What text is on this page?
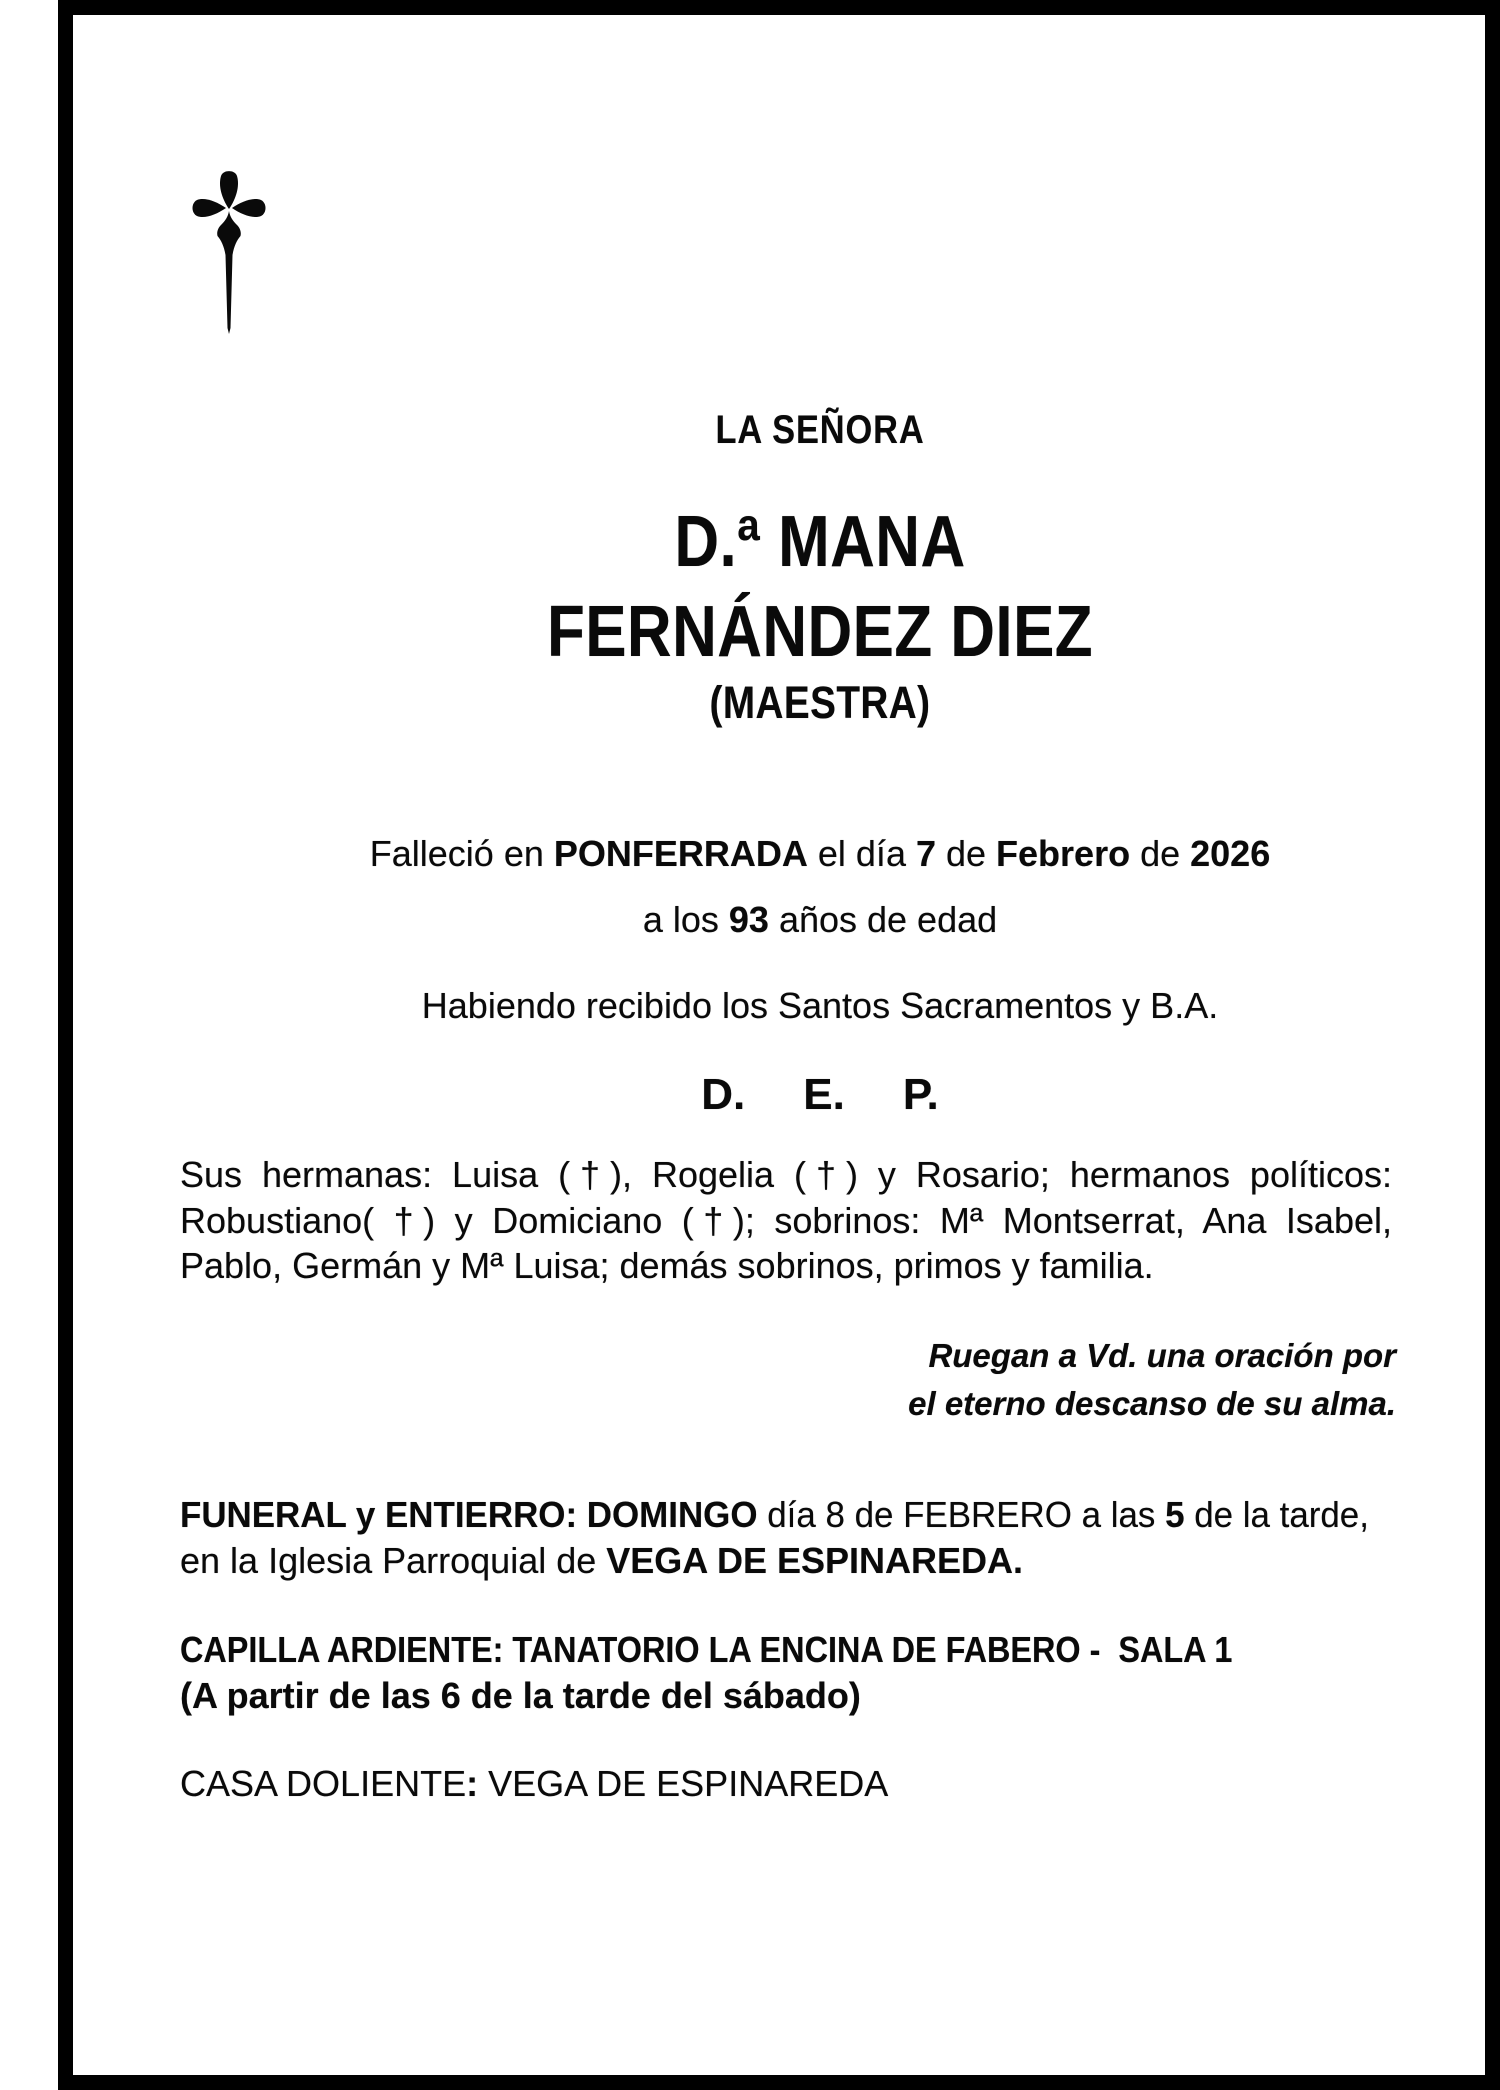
LA SEÑORA
D.ª MANA
FERNÁNDEZ DIEZ
(MAESTRA)
Falleció en PONFERRADA el día 7 de Febrero de 2026
a los 93 años de edad
Habiendo recibido los Santos Sacramentos y B.A.
D. E. P.
Sus hermanas: Luisa (†), Rogelia (†) y Rosario; hermanos políticos:
Robustiano( †) y Domiciano (†); sobrinos: Mª Montserrat, Ana Isabel,
Pablo, Germán y Mª Luisa; demás sobrinos, primos y familia.
Ruegan a Vd. una oración por
el eterno descanso de su alma.
FUNERAL y ENTIERRO: DOMINGO día 8 de FEBRERO a las 5 de la tarde,
en la Iglesia Parroquial de VEGA DE ESPINAREDA.
CAPILLA ARDIENTE: TANATORIO LA ENCINA DE FABERO -  SALA 1
(A partir de las 6 de la tarde del sábado)
CASA DOLIENTE: VEGA DE ESPINAREDA
